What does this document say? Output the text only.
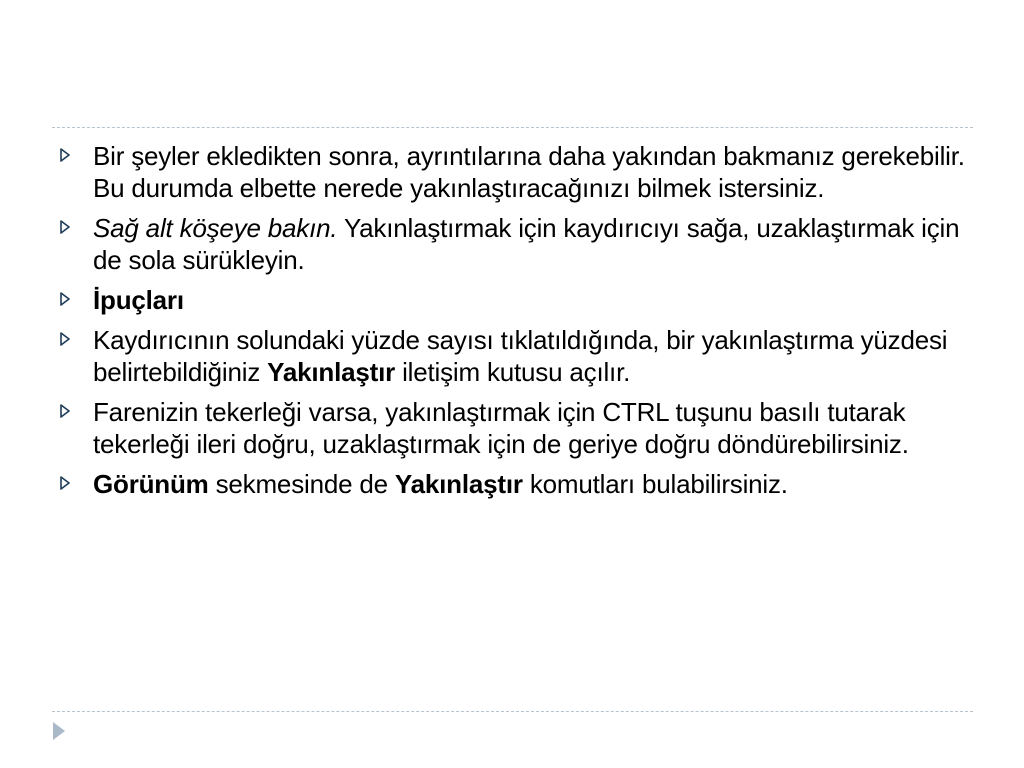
Bir şeyler ekledikten sonra, ayrıntılarına daha yakından bakmanız gerekebilir. Bu durumda elbette nerede yakınlaştıracağınızı bilmek istersiniz.
Sağ alt köşeye bakın. Yakınlaştırmak için kaydırıcıyı sağa, uzaklaştırmak için de sola sürükleyin.
İpuçları
Kaydırıcının solundaki yüzde sayısı tıklatıldığında, bir yakınlaştırma yüzdesi belirtebildiğiniz Yakınlaştır iletişim kutusu açılır.
Farenizin tekerleği varsa, yakınlaştırmak için CTRL tuşunu basılı tutarak tekerleği ileri doğru, uzaklaştırmak için de geriye doğru döndürebilirsiniz.
Görünüm sekmesinde de Yakınlaştır komutları bulabilirsiniz.
